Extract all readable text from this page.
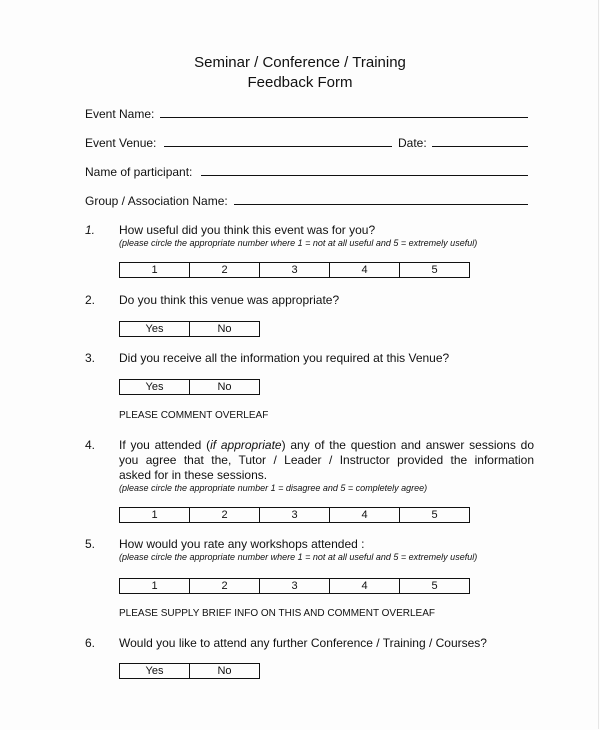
Seminar / Conference / Training
Feedback Form
Event Name:
Event Venue:	Date:
Name of participant:
Group / Association Name:
1. How useful did you think this event was for you?
(please circle the appropriate number where 1 = not at all useful and 5 = extremely useful)
1	2	3	4	5
2. Do you think this venue was appropriate?
Yes	No
3. Did you receive all the information you required at this Venue?
Yes	No
PLEASE COMMENT OVERLEAF
4. If you attended (if appropriate) any of the question and answer sessions do
you agree that the, Tutor / Leader / Instructor provided the information
asked for in these sessions.
(please circle the appropriate number 1 = disagree and 5 = completely agree)
1	2	3	4	5
5. How would you rate any workshops attended :
(please circle the appropriate number where 1 = not at all useful and 5 = extremely useful)
1	2	3	4	5
PLEASE SUPPLY BRIEF INFO ON THIS AND COMMENT OVERLEAF
6. Would you like to attend any further Conference / Training / Courses?
Yes	No
